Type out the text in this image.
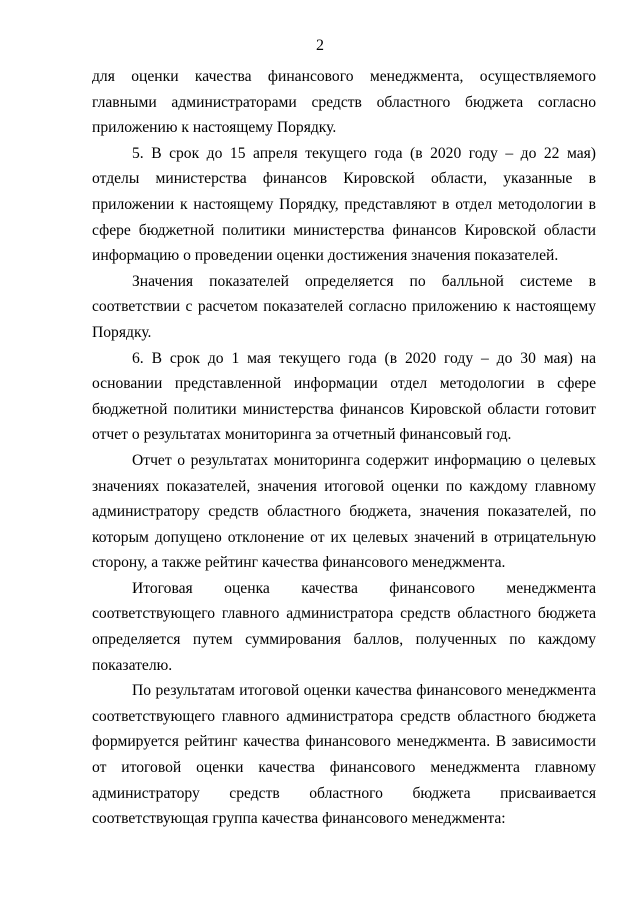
2

для оценки качества финансового менеджмента, осуществляемого главными администраторами средств областного бюджета согласно приложению к настоящему Порядку.

5. В срок до 15 апреля текущего года (в 2020 году – до 22 мая) отделы министерства финансов Кировской области, указанные в приложении к настоящему Порядку, представляют в отдел методологии в сфере бюджетной политики министерства финансов Кировской области информацию о проведении оценки достижения значения показателей.

Значения показателей определяется по балльной системе в соответствии с расчетом показателей согласно приложению к настоящему Порядку.

6. В срок до 1 мая текущего года (в 2020 году – до 30 мая) на основании представленной информации отдел методологии в сфере бюджетной политики министерства финансов Кировской области готовит отчет о результатах мониторинга за отчетный финансовый год.

Отчет о результатах мониторинга содержит информацию о целевых значениях показателей, значения итоговой оценки по каждому главному администратору средств областного бюджета, значения показателей, по которым допущено отклонение от их целевых значений в отрицательную сторону, а также рейтинг качества финансового менеджмента.

Итоговая оценка качества финансового менеджмента соответствующего главного администратора средств областного бюджета определяется путем суммирования баллов, полученных по каждому показателю.

По результатам итоговой оценки качества финансового менеджмента соответствующего главного администратора средств областного бюджета формируется рейтинг качества финансового менеджмента. В зависимости от итоговой оценки качества финансового менеджмента главному администратору средств областного бюджета присваивается соответствующая группа качества финансового менеджмента:
